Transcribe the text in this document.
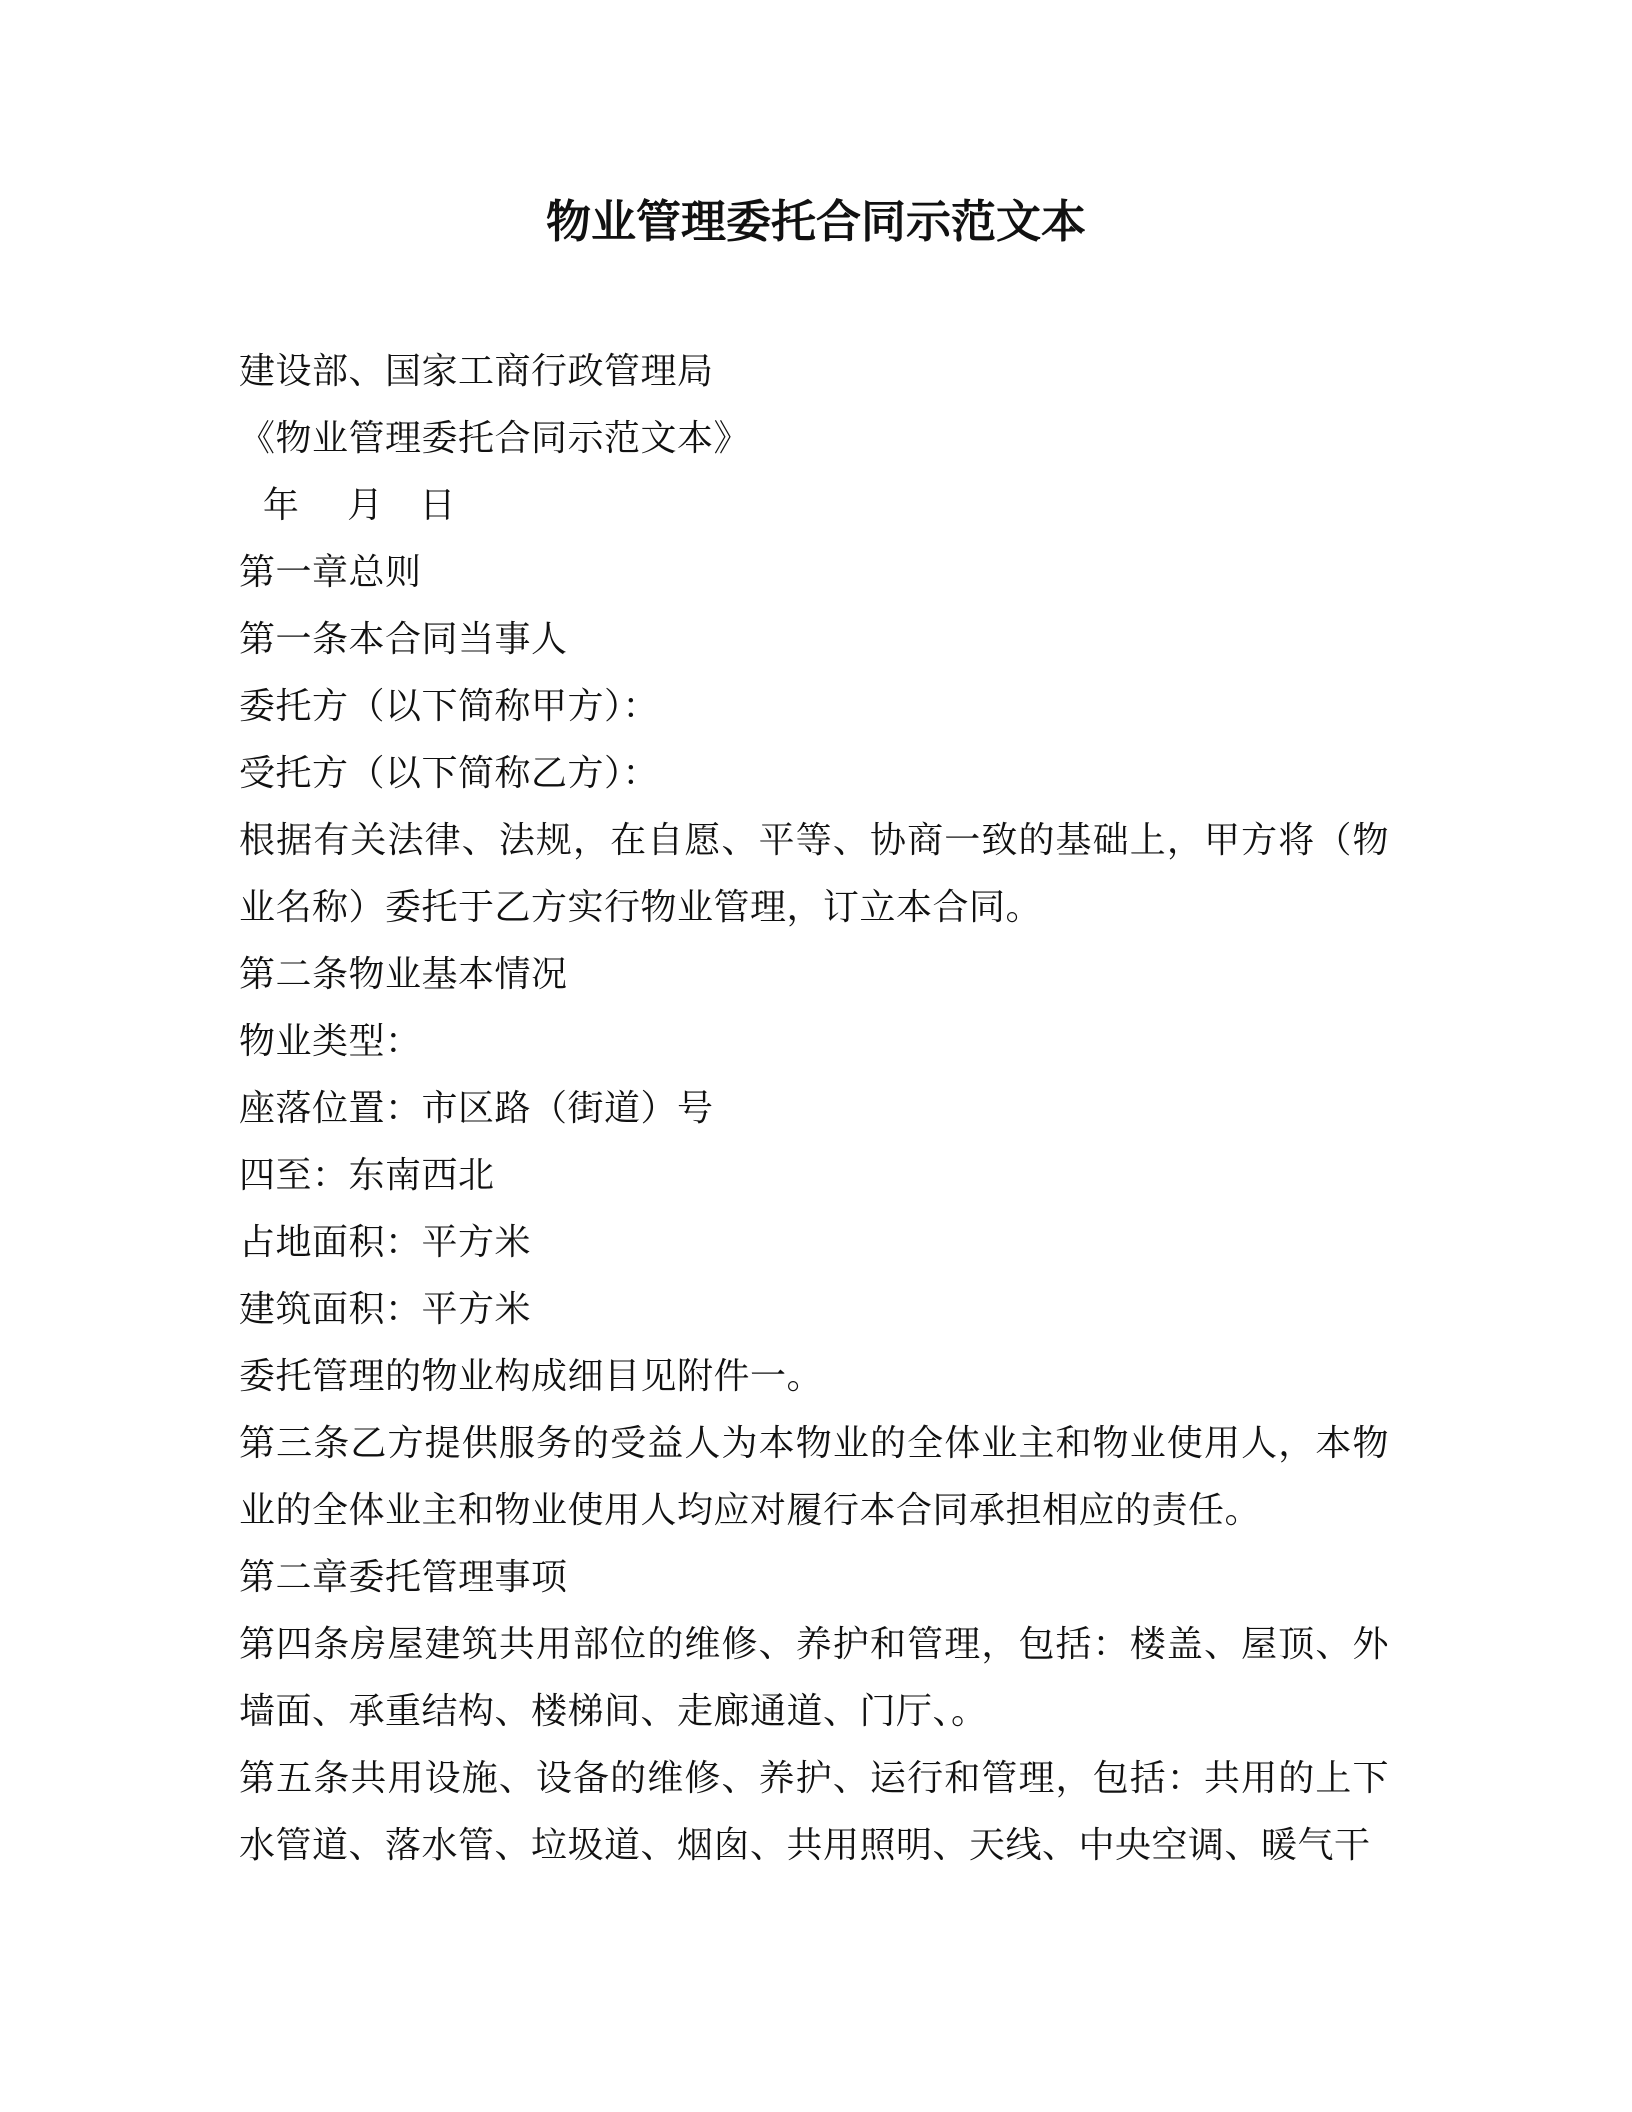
物业管理委托合同示范文本
建设部、国家工商行政管理局
《物业管理委托合同示范文本》
年    月   日
第一章总则
第一条本合同当事人
委托方（以下简称甲方）：
受托方（以下简称乙方）：
根据有关法律、法规，在自愿、平等、协商一致的基础上，甲方将（物业名称）委托于乙方实行物业管理，订立本合同。
第二条物业基本情况
物业类型：
座落位置：市区路（街道）号
四至：东南西北
占地面积：平方米
建筑面积：平方米
委托管理的物业构成细目见附件一。
第三条乙方提供服务的受益人为本物业的全体业主和物业使用人，本物业的全体业主和物业使用人均应对履行本合同承担相应的责任。
第二章委托管理事项
第四条房屋建筑共用部位的维修、养护和管理，包括：楼盖、屋顶、外墙面、承重结构、楼梯间、走廊通道、门厅、。
第五条共用设施、设备的维修、养护、运行和管理，包括：共用的上下水管道、落水管、垃圾道、烟囱、共用照明、天线、中央空调、暖气干
